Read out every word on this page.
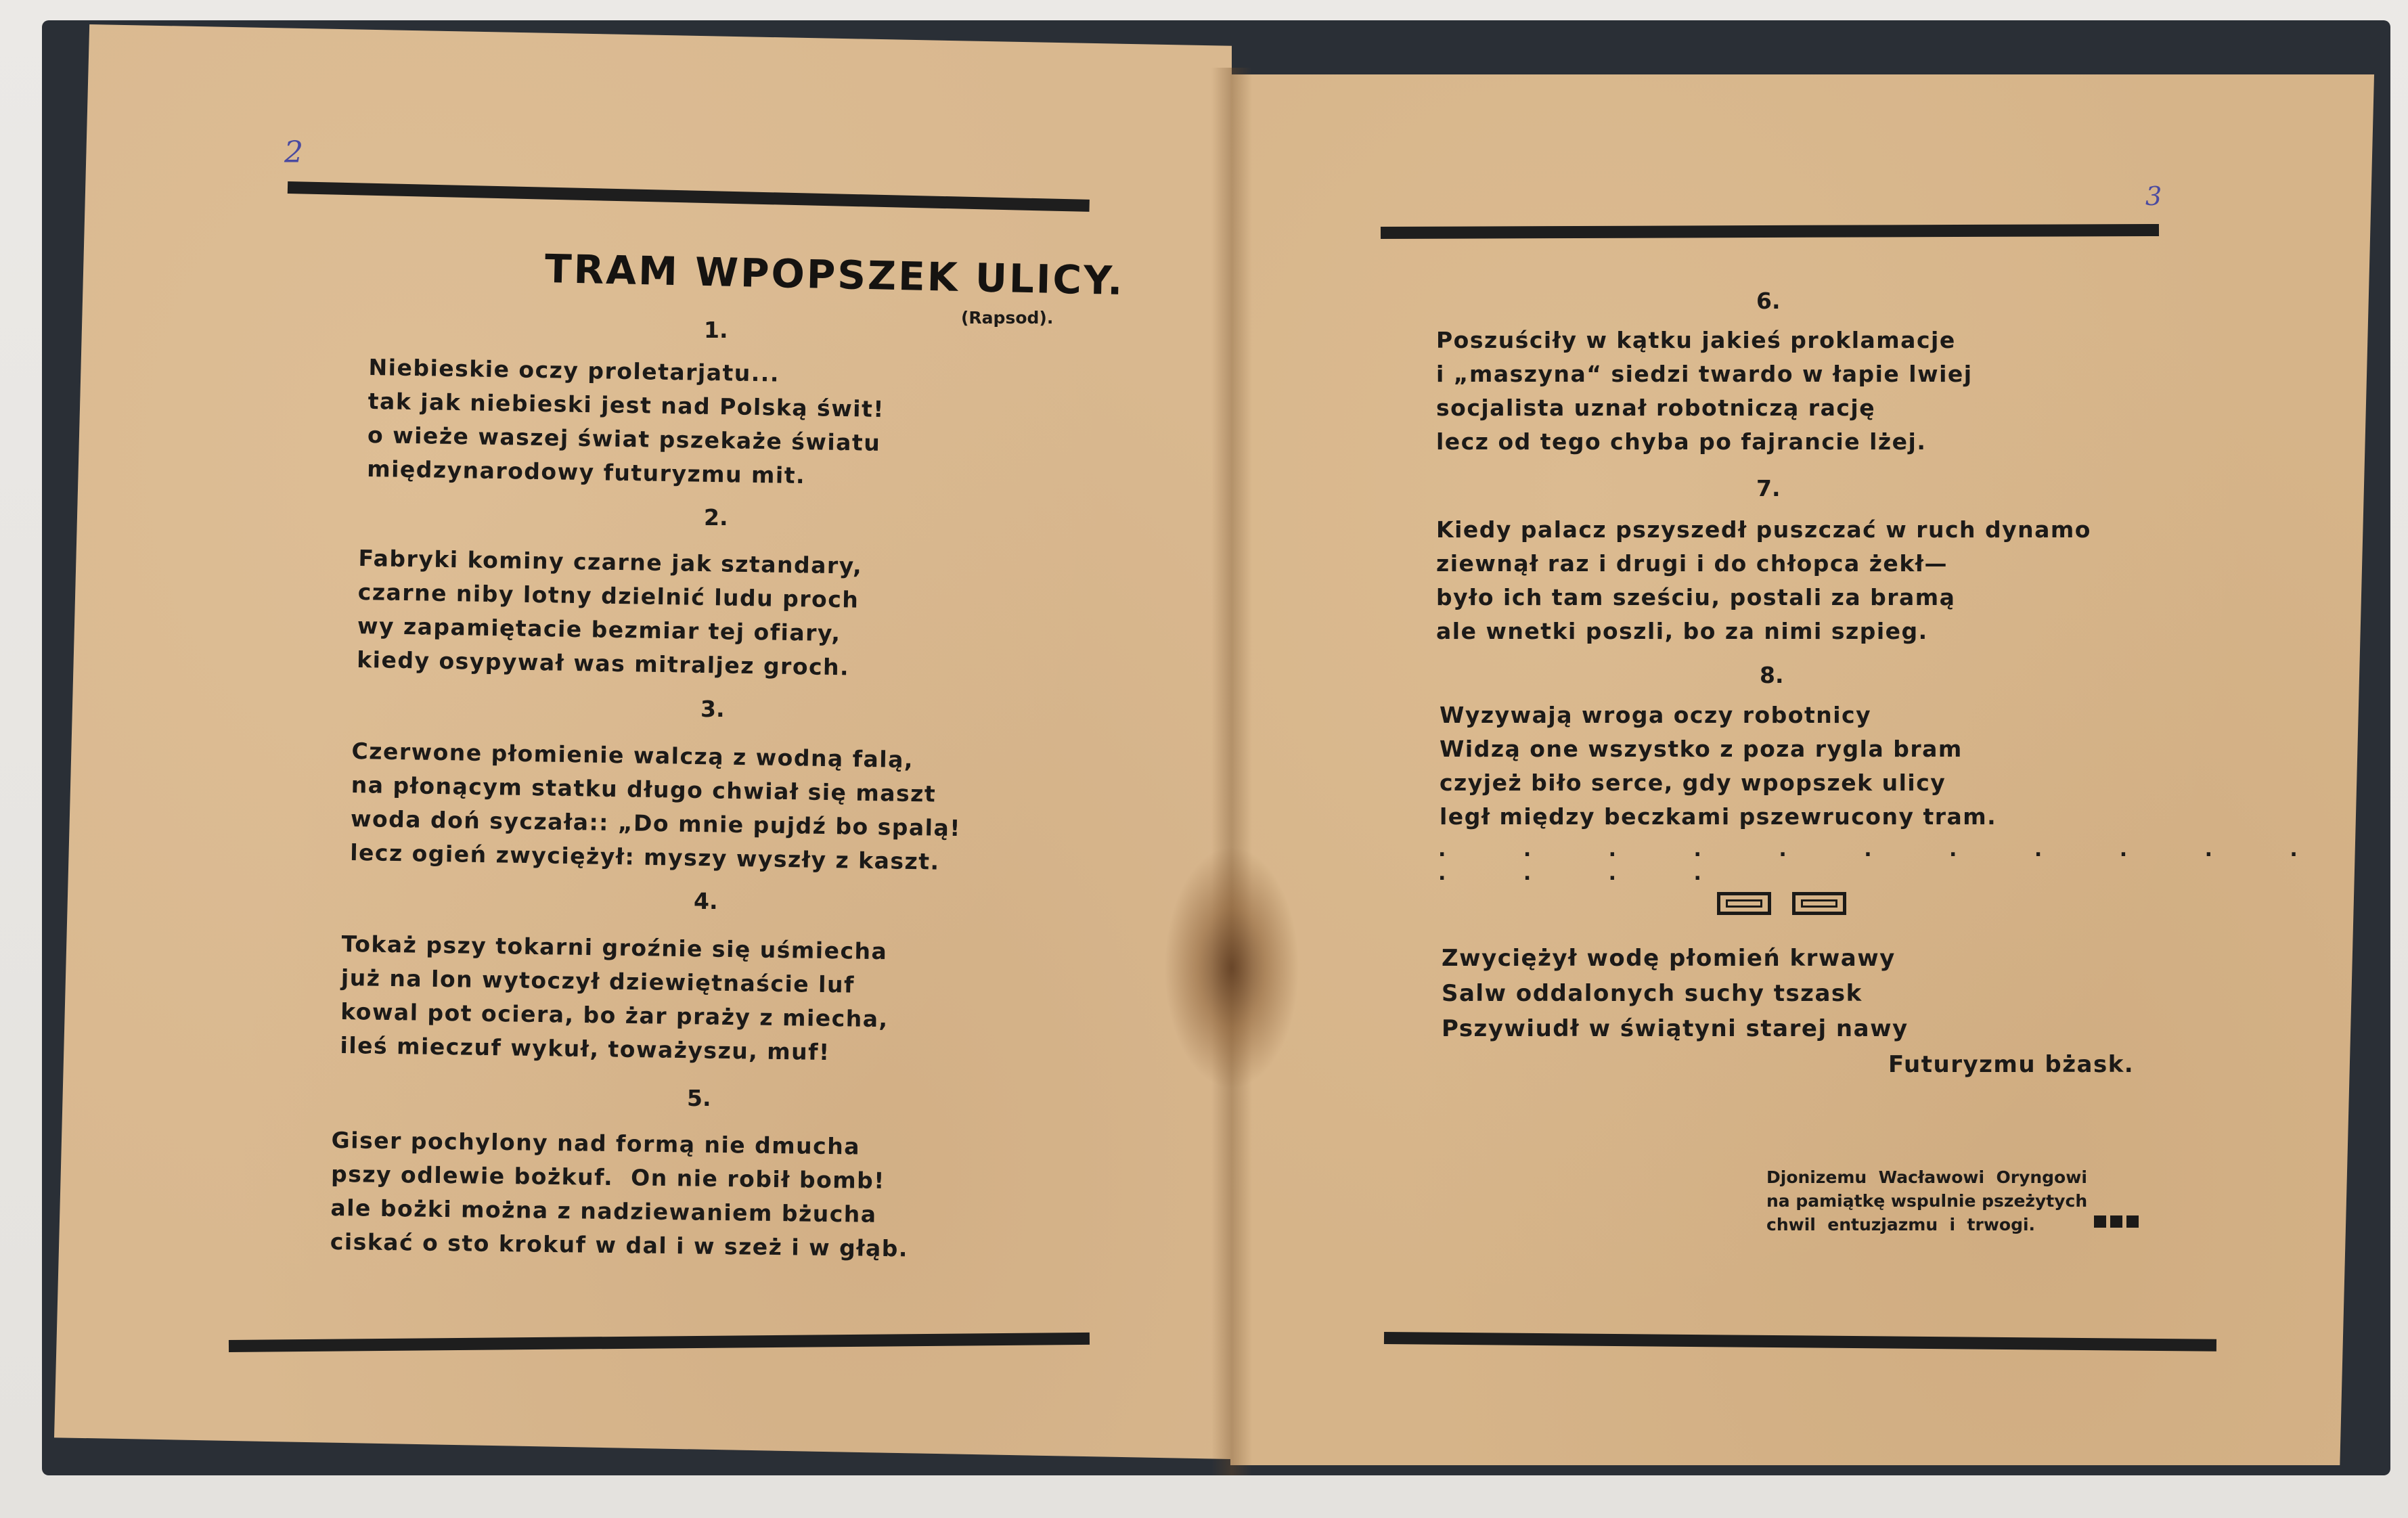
2
TRAM WPOPSZEK ULICY.
(Rapsod).
1.
Niebieskie oczy proletarjatu...
tak jak niebieski jest nad Polską świt!
o wieże waszej świat pszekaże światu
międzynarodowy futuryzmu mit.
2.
Fabryki kominy czarne jak sztandary,
czarne niby lotny dzielnić ludu proch
wy zapamiętacie bezmiar tej ofiary,
kiedy osypywał was mitraljez groch.
3.
Czerwone płomienie walczą z wodną falą,
na płonącym statku długo chwiał się maszt
woda doń syczała:: „Do mnie pujdź bo spalą!
lecz ogień zwyciężył: myszy wyszły z kaszt.
4.
Tokaż pszy tokarni groźnie się uśmiecha
już na lon wytoczył dziewiętnaście luf
kowal pot ociera, bo żar praży z miecha,
ileś mieczuf wykuł, toważyszu, muf!
5.
Giser pochylony nad formą nie dmucha
pszy odlewie bożkuf.  On nie robił bomb!
ale bożki można z nadziewaniem bżucha
ciskać o sto krokuf w dal i w szeż i w głąb.
3
6.
Poszuściły w kątku jakieś proklamacje
i „maszyna“ siedzi twardo w łapie lwiej
socjalista uznał robotniczą rację
lecz od tego chyba po fajrancie lżej.
7.
Kiedy palacz pszyszedł puszczać w ruch dynamo
ziewnął raz i drugi i do chłopca żekł—
było ich tam sześciu, postali za bramą
ale wnetki poszli, bo za nimi szpieg.
8.
Wyzywają wroga oczy robotnicy
Widzą one wszystko z poza rygla bram
czyjeż biło serce, gdy wpopszek ulicy
legł między beczkami pszewrucony tram.
. . . . . . . . . . . . . . .
Zwyciężył wodę płomień krwawy
Salw oddalonych suchy tszask
Pszywiudł w świątyni starej nawy
Futuryzmu bżask.
Djonizemu  Wacławowi  Oryngowi
na pamiątkę wspulnie pszeżytych
chwil  entuzjazmu  i  trwogi.
